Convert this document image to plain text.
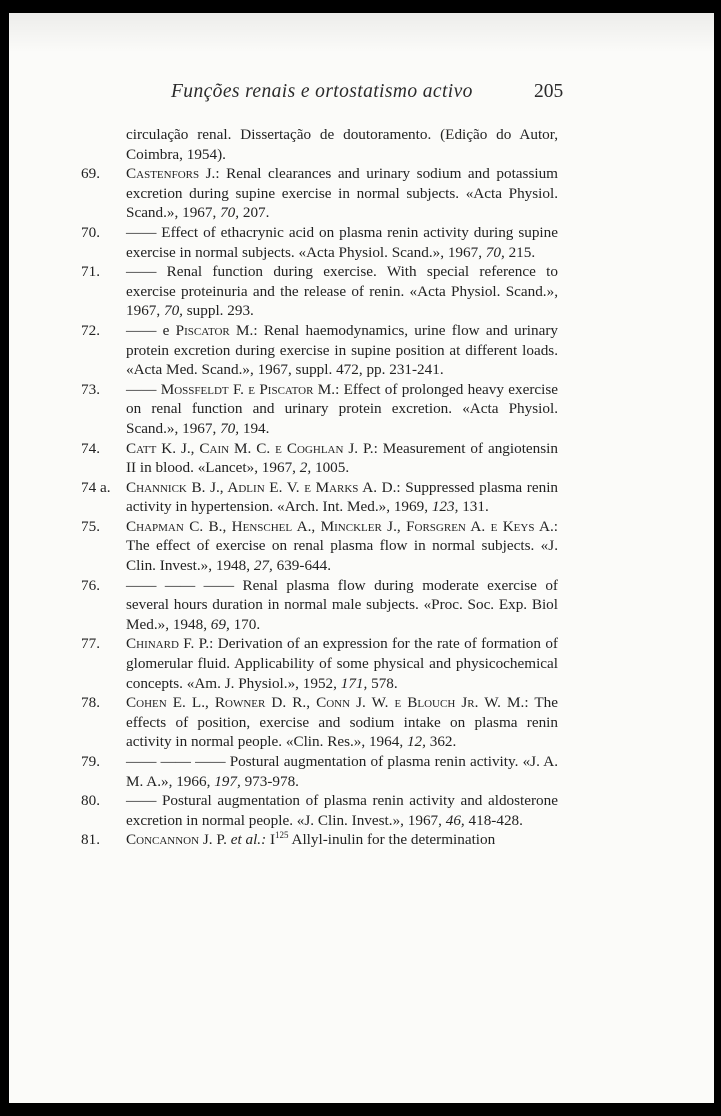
Funções renais e ortostatismo activo	205
circulação renal. Dissertação de doutoramento. (Edição do Autor, Coimbra, 1954).
69.	Castenfors J.: Renal clearances and urinary sodium and potassium excretion during supine exercise in normal subjects. «Acta Physiol. Scand.», 1967, 70, 207.
70.	—— Effect of ethacrynic acid on plasma renin activity during supine exercise in normal subjects. «Acta Physiol. Scand.», 1967, 70, 215.
71.	—— Renal function during exercise. With special reference to exercise proteinuria and the release of renin. «Acta Physiol. Scand.», 1967, 70, suppl. 293.
72.	—— e Piscator M.: Renal haemodynamics, urine flow and urinary protein excretion during exercise in supine position at different loads. «Acta Med. Scand.», 1967, suppl. 472, pp. 231-241.
73.	—— Mossfeldt F. e Piscator M.: Effect of prolonged heavy exercise on renal function and urinary protein excretion. «Acta Physiol. Scand.», 1967, 70, 194.
74.	Catt K. J., Cain M. C. e Coghlan J. P.: Measurement of angiotensin II in blood. «Lancet», 1967, 2, 1005.
74 a.	Channick B. J., Adlin E. V. e Marks A. D.: Suppressed plasma renin activity in hypertension. «Arch. Int. Med.», 1969, 123, 131.
75.	Chapman C. B., Henschel A., Minckler J., Forsgren A. e Keys A.: The effect of exercise on renal plasma flow in normal subjects. «J. Clin. Invest.», 1948, 27, 639-644.
76.	—— —— —— Renal plasma flow during moderate exercise of several hours duration in normal male subjects. «Proc. Soc. Exp. Biol Med.», 1948, 69, 170.
77.	Chinard F. P.: Derivation of an expression for the rate of formation of glomerular fluid. Applicability of some physical and physicochemical concepts. «Am. J. Physiol.», 1952, 171, 578.
78.	Cohen E. L., Rowner D. R., Conn J. W. e Blouch Jr. W. M.: The effects of position, exercise and sodium intake on plasma renin activity in normal people. «Clin. Res.», 1964, 12, 362.
79.	—— —— —— Postural augmentation of plasma renin activity. «J. A. M. A.», 1966, 197, 973-978.
80.	—— Postural augmentation of plasma renin activity and aldosterone excretion in normal people. «J. Clin. Invest.», 1967, 46, 418-428.
81.	Concannon J. P. et al.: $I^{125}$ Allyl-inulin for the determination
